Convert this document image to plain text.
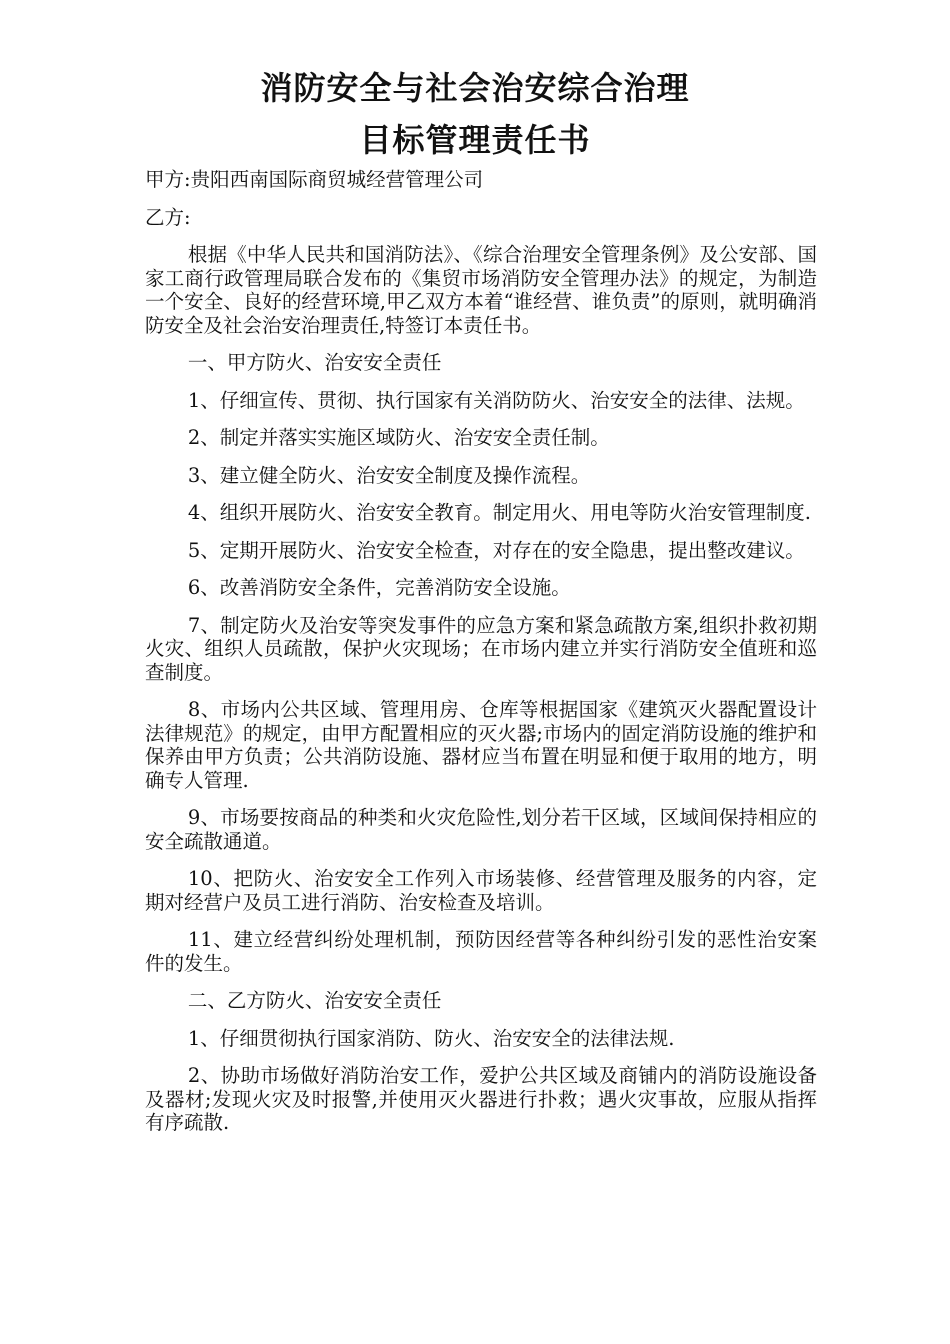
消防安全与社会治安综合治理

目标管理责任书

甲方:贵阳西南国际商贸城经营管理公司

乙方:

根据《中华人民共和国消防法》、《综合治理安全管理条例》及公安部、国家工商行政管理局联合发布的《集贸市场消防安全管理办法》的规定，为制造一个安全、良好的经营环境,甲乙双方本着“谁经营、谁负责”的原则，就明确消防安全及社会治安治理责任,特签订本责任书。

一、甲方防火、治安安全责任

1、仔细宣传、贯彻、执行国家有关消防防火、治安安全的法律、法规。

2、制定并落实实施区域防火、治安安全责任制。

3、建立健全防火、治安安全制度及操作流程。

4、组织开展防火、治安安全教育。制定用火、用电等防火治安管理制度.

5、定期开展防火、治安安全检查，对存在的安全隐患，提出整改建议。

6、改善消防安全条件，完善消防安全设施。

7、制定防火及治安等突发事件的应急方案和紧急疏散方案,组织扑救初期火灾、组织人员疏散，保护火灾现场；在市场内建立并实行消防安全值班和巡查制度。

8、市场内公共区域、管理用房、仓库等根据国家《建筑灭火器配置设计法律规范》的规定，由甲方配置相应的灭火器;市场内的固定消防设施的维护和保养由甲方负责；公共消防设施、器材应当布置在明显和便于取用的地方，明确专人管理.

9、市场要按商品的种类和火灾危险性,划分若干区域，区域间保持相应的安全疏散通道。

10、把防火、治安安全工作列入市场装修、经营管理及服务的内容，定期对经营户及员工进行消防、治安检查及培训。

11、建立经营纠纷处理机制，预防因经营等各种纠纷引发的恶性治安案件的发生。

二、乙方防火、治安安全责任

1、仔细贯彻执行国家消防、防火、治安安全的法律法规.

2、协助市场做好消防治安工作，爱护公共区域及商铺内的消防设施设备及器材;发现火灾及时报警,并使用灭火器进行扑救；遇火灾事故，应服从指挥有序疏散.
